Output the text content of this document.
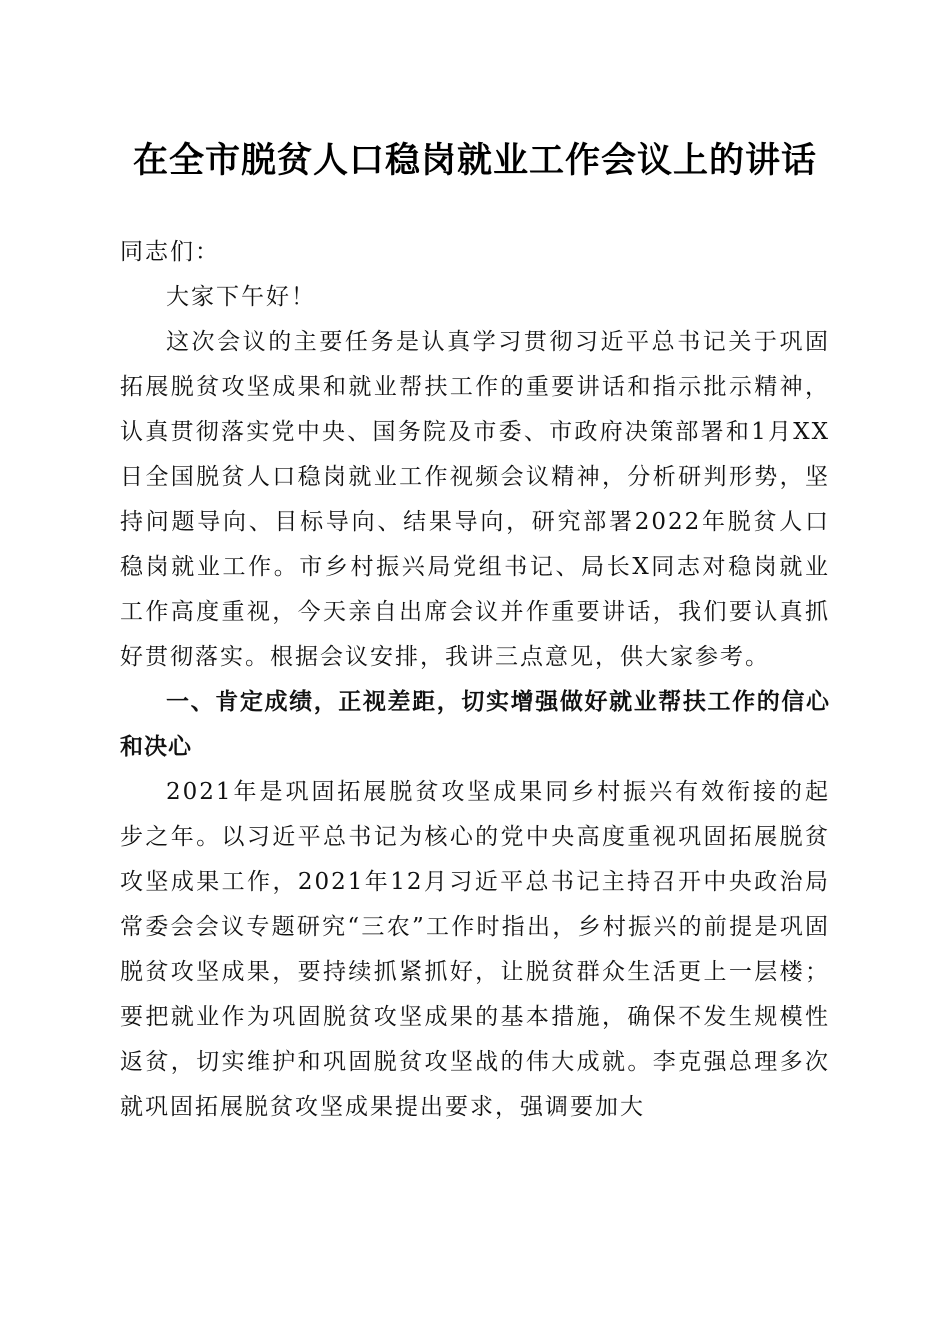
在全市脱贫人口稳岗就业工作会议上的讲话

同志们：

大家下午好！

这次会议的主要任务是认真学习贯彻习近平总书记关于巩固拓展脱贫攻坚成果和就业帮扶工作的重要讲话和指示批示精神，认真贯彻落实党中央、国务院及市委、市政府决策部署和1月XX日全国脱贫人口稳岗就业工作视频会议精神，分析研判形势，坚持问题导向、目标导向、结果导向，研究部署2022年脱贫人口稳岗就业工作。市乡村振兴局党组书记、局长X同志对稳岗就业工作高度重视，今天亲自出席会议并作重要讲话，我们要认真抓好贯彻落实。根据会议安排，我讲三点意见，供大家参考。

一、肯定成绩，正视差距，切实增强做好就业帮扶工作的信心和决心

2021年是巩固拓展脱贫攻坚成果同乡村振兴有效衔接的起步之年。以习近平总书记为核心的党中央高度重视巩固拓展脱贫攻坚成果工作，2021年12月习近平总书记主持召开中央政治局常委会会议专题研究“三农”工作时指出，乡村振兴的前提是巩固脱贫攻坚成果，要持续抓紧抓好，让脱贫群众生活更上一层楼；要把就业作为巩固脱贫攻坚成果的基本措施，确保不发生规模性返贫，切实维护和巩固脱贫攻坚战的伟大成就。李克强总理多次就巩固拓展脱贫攻坚成果提出要求，强调要加大
